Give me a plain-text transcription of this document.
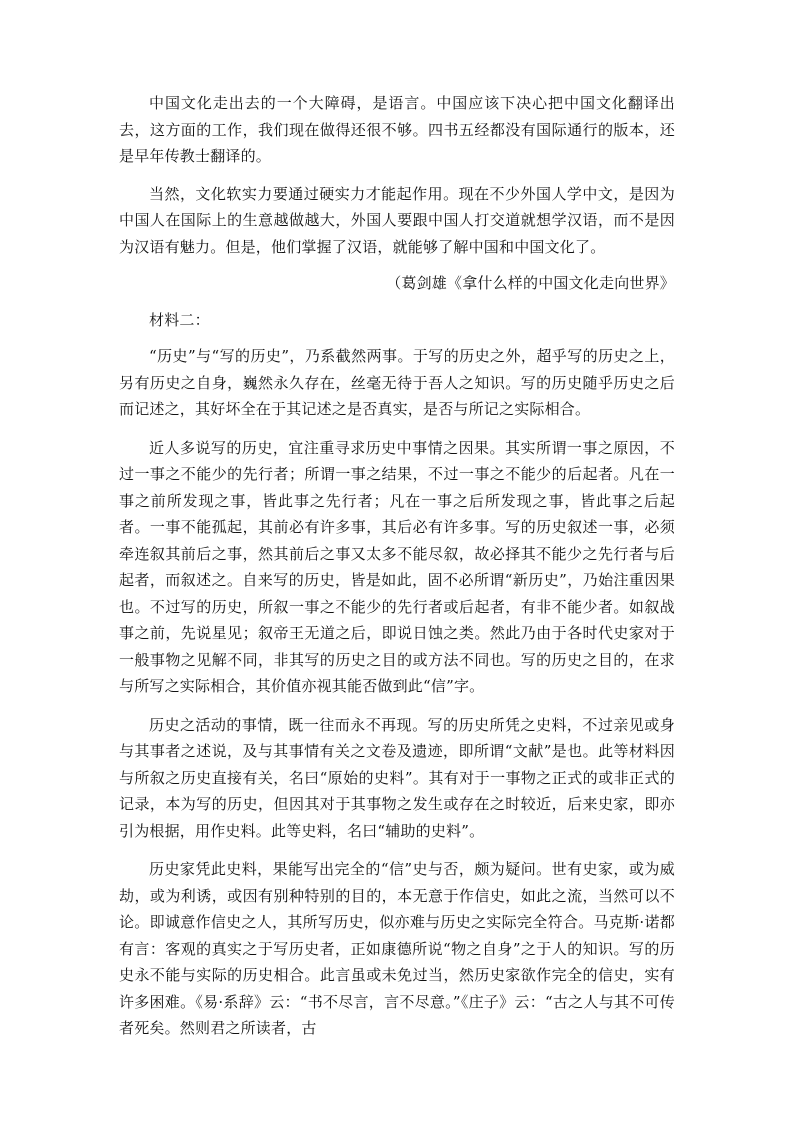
中国文化走出去的一个大障碍，是语言。中国应该下决心把中国文化翻译出去，这方面的工作，我们现在做得还很不够。四书五经都没有国际通行的版本，还是早年传教士翻译的。

当然，文化软实力要通过硬实力才能起作用。现在不少外国人学中文，是因为中国人在国际上的生意越做越大，外国人要跟中国人打交道就想学汉语，而不是因为汉语有魅力。但是，他们掌握了汉语，就能够了解中国和中国文化了。

（葛剑雄《拿什么样的中国文化走向世界》

材料二：

“历史”与“写的历史”，乃系截然两事。于写的历史之外，超乎写的历史之上，另有历史之自身，巍然永久存在，丝毫无待于吾人之知识。写的历史随乎历史之后而记述之，其好坏全在于其记述之是否真实，是否与所记之实际相合。

近人多说写的历史，宜注重寻求历史中事情之因果。其实所谓一事之原因，不过一事之不能少的先行者；所谓一事之结果，不过一事之不能少的后起者。凡在一事之前所发现之事，皆此事之先行者；凡在一事之后所发现之事，皆此事之后起者。一事不能孤起，其前必有许多事，其后必有许多事。写的历史叙述一事，必须牵连叙其前后之事，然其前后之事又太多不能尽叙，故必择其不能少之先行者与后起者，而叙述之。自来写的历史，皆是如此，固不必所谓“新历史”，乃始注重因果也。不过写的历史，所叙一事之不能少的先行者或后起者，有非不能少者。如叙战事之前，先说星见；叙帝王无道之后，即说日蚀之类。然此乃由于各时代史家对于一般事物之见解不同，非其写的历史之目的或方法不同也。写的历史之目的，在求与所写之实际相合，其价值亦视其能否做到此“信”字。

历史之活动的事情，既一往而永不再现。写的历史所凭之史料，不过亲见或身与其事者之述说，及与其事情有关之文卷及遗迹，即所谓“文献”是也。此等材料因与所叙之历史直接有关，名曰“原始的史料”。其有对于一事物之正式的或非正式的记录，本为写的历史，但因其对于其事物之发生或存在之时较近，后来史家，即亦引为根据，用作史料。此等史料，名曰“辅助的史料”。

历史家凭此史料，果能写出完全的“信”史与否，颇为疑问。世有史家，或为威劫，或为利诱，或因有别种特别的目的，本无意于作信史，如此之流，当然可以不论。即诚意作信史之人，其所写历史，似亦难与历史之实际完全符合。马克斯·诺都有言：客观的真实之于写历史者，正如康德所说“物之自身”之于人的知识。写的历史永不能与实际的历史相合。此言虽或未免过当，然历史家欲作完全的信史，实有许多困难。《易·系辞》云：“书不尽言，言不尽意。”《庄子》云：“古之人与其不可传者死矣。然则君之所读者，古
